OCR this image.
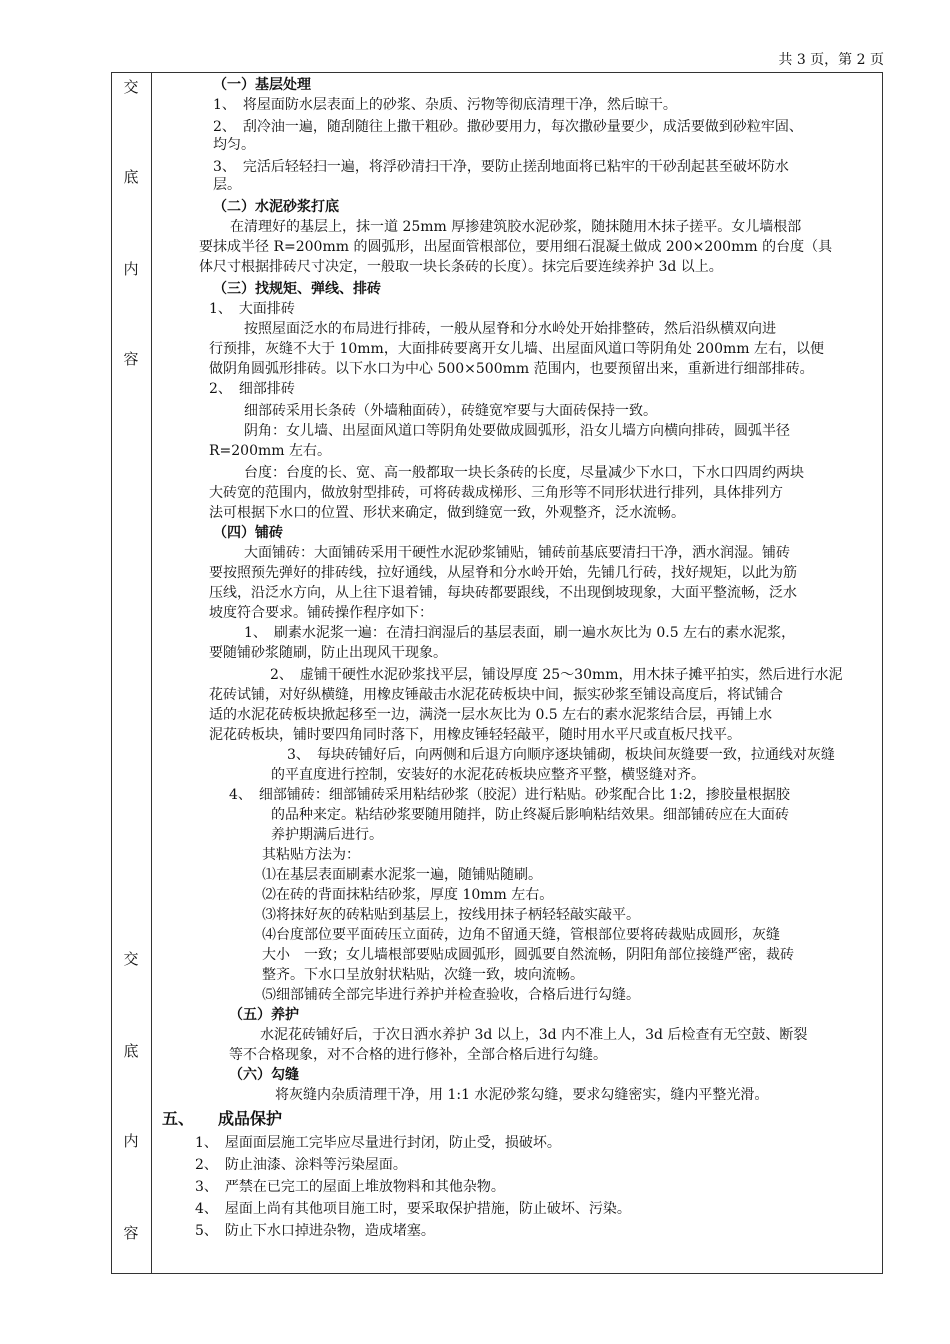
共 3 页，第 2 页
交
底
内
容
交
底
内
容
（一）基层处理
1、　将屋面防水层表面上的砂浆、杂质、污物等彻底清理干净，然后晾干。
2、　刮冷油一遍，随刮随往上撒干粗砂。撒砂要用力，每次撒砂量要少，成活要做到砂粒牢固、
均匀。
3、　完活后轻轻扫一遍，将浮砂清扫干净，要防止搓刮地面将已粘牢的干砂刮起甚至破坏防水
层。
（二）水泥砂浆打底
在清理好的基层上，抹一道 25mm 厚掺建筑胶水泥砂浆，随抹随用木抹子搓平。女儿墙根部
要抹成半径 R=200mm 的圆弧形，出屋面管根部位，要用细石混凝土做成 200×200mm 的台度（具
体尺寸根据排砖尺寸决定，一般取一块长条砖的长度）。抹完后要连续养护 3d 以上。
（三）找规矩、弹线、排砖
1、　大面排砖
按照屋面泛水的布局进行排砖，一般从屋脊和分水岭处开始排整砖，然后沿纵横双向进
行预排，灰缝不大于 10mm，大面排砖要离开女儿墙、出屋面风道口等阴角处 200mm 左右，以便
做阴角圆弧形排砖。以下水口为中心 500×500mm 范围内，也要预留出来，重新进行细部排砖。
2、　细部排砖
细部砖采用长条砖（外墙釉面砖），砖缝宽窄要与大面砖保持一致。
阴角：女儿墙、出屋面风道口等阴角处要做成圆弧形，沿女儿墙方向横向排砖，圆弧半径
R=200mm 左右。
台度：台度的长、宽、高一般都取一块长条砖的长度，尽量减少下水口，下水口四周约两块
大砖宽的范围内，做放射型排砖，可将砖裁成梯形、三角形等不同形状进行排列，具体排列方
法可根据下水口的位置、形状来确定，做到缝宽一致，外观整齐，泛水流畅。
（四）铺砖
大面铺砖：大面铺砖采用干硬性水泥砂浆铺贴，铺砖前基底要清扫干净，洒水润湿。铺砖
要按照预先弹好的排砖线，拉好通线，从屋脊和分水岭开始，先铺几行砖，找好规矩，以此为筋
压线，沿泛水方向，从上往下退着铺，每块砖都要跟线，不出现倒坡现象，大面平整流畅，泛水
坡度符合要求。铺砖操作程序如下：
1、　刷素水泥浆一遍：在清扫润湿后的基层表面，刷一遍水灰比为 0.5 左右的素水泥浆，
要随铺砂浆随刷，防止出现风干现象。
2、　虚铺干硬性水泥砂浆找平层，铺设厚度 25～30mm，用木抹子摊平拍实，然后进行水泥
花砖试铺，对好纵横缝，用橡皮锤敲击水泥花砖板块中间，振实砂浆至铺设高度后，将试铺合
适的水泥花砖板块掀起移至一边，满浇一层水灰比为 0.5 左右的素水泥浆结合层，再铺上水
泥花砖板块，铺时要四角同时落下，用橡皮锤轻轻敲平，随时用水平尺或直板尺找平。
3、　每块砖铺好后，向两侧和后退方向顺序逐块铺砌，板块间灰缝要一致，拉通线对灰缝
的平直度进行控制，安装好的水泥花砖板块应整齐平整，横竖缝对齐。
4、　细部铺砖：细部铺砖采用粘结砂浆（胶泥）进行粘贴。砂浆配合比 1:2，掺胶量根据胶
的品种来定。粘结砂浆要随用随拌，防止终凝后影响粘结效果。细部铺砖应在大面砖
养护期满后进行。
其粘贴方法为：
⑴在基层表面刷素水泥浆一遍，随铺贴随刷。
⑵在砖的背面抹粘结砂浆，厚度 10mm 左右。
⑶将抹好灰的砖粘贴到基层上，按线用抹子柄轻轻敲实敲平。
⑷台度部位要平面砖压立面砖，边角不留通天缝，管根部位要将砖裁贴成圆形，灰缝
大小　一致；女儿墙根部要贴成圆弧形，圆弧要自然流畅，阴阳角部位接缝严密，裁砖
整齐。下水口呈放射状粘贴，次缝一致，坡向流畅。
⑸细部铺砖全部完毕进行养护并检查验收，合格后进行勾缝。
（五）养护
水泥花砖铺好后，于次日洒水养护 3d 以上，3d 内不准上人，3d 后检查有无空鼓、断裂
等不合格现象，对不合格的进行修补，全部合格后进行勾缝。
（六）勾缝
将灰缝内杂质清理干净，用 1:1 水泥砂浆勾缝，要求勾缝密实，缝内平整光滑。
五、　　成品保护
1、　屋面面层施工完毕应尽量进行封闭，防止受，损破坏。
2、　防止油漆、涂料等污染屋面。
3、　严禁在已完工的屋面上堆放物料和其他杂物。
4、　屋面上尚有其他项目施工时，要采取保护措施，防止破坏、污染。
5、　防止下水口掉进杂物，造成堵塞。
